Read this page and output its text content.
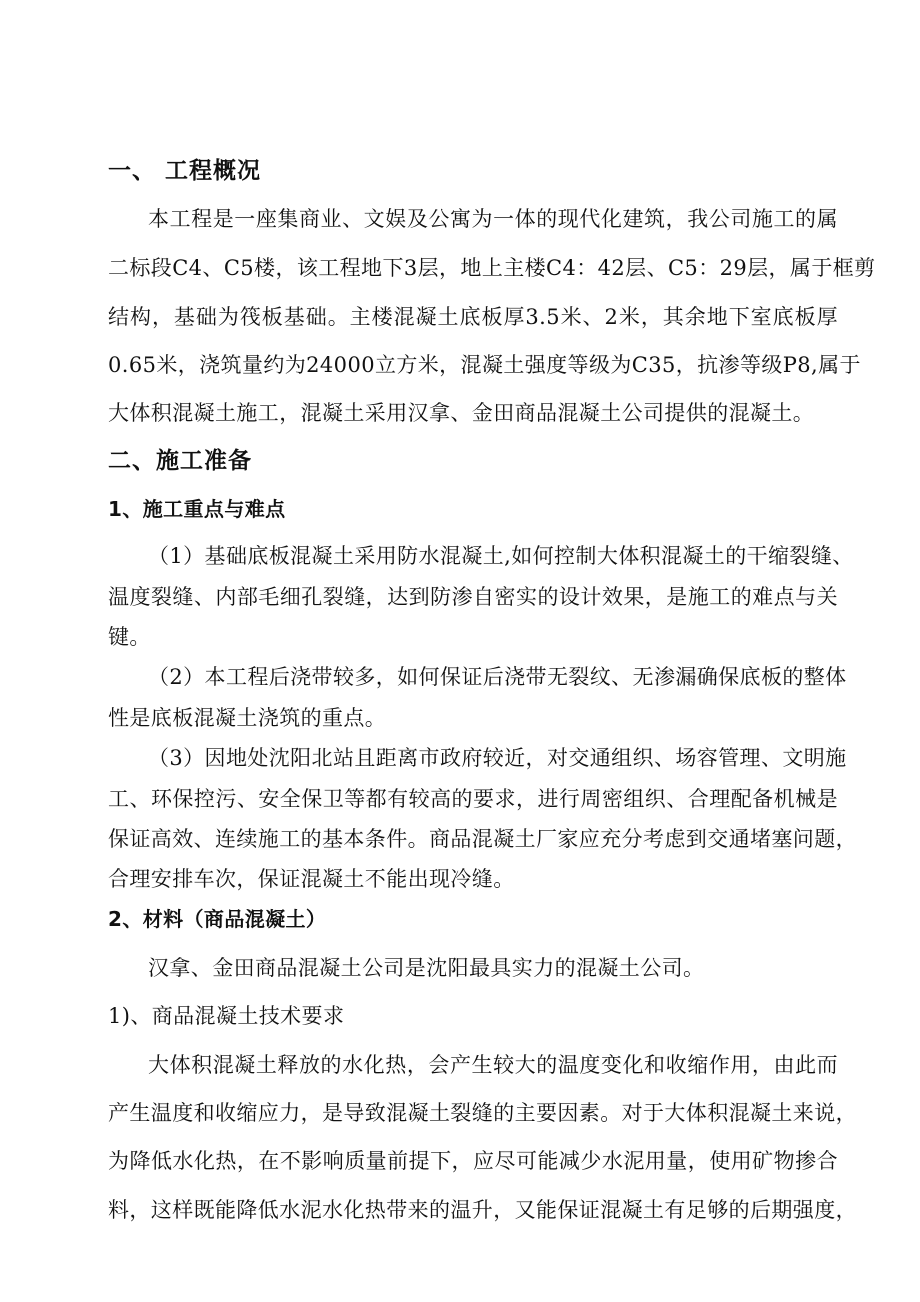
一、 工程概况
本工程是一座集商业、文娱及公寓为一体的现代化建筑，我公司施工的属
二标段C4、C5楼，该工程地下3层，地上主楼C4：42层、C5：29层，属于框剪
结构，基础为筏板基础。主楼混凝土底板厚3.5米、2米，其余地下室底板厚
0.65米，浇筑量约为24000立方米，混凝土强度等级为C35，抗渗等级P8,属于
大体积混凝土施工，混凝土采用汉拿、金田商品混凝土公司提供的混凝土。
二、施工准备
1、施工重点与难点
（1）基础底板混凝土采用防水混凝土,如何控制大体积混凝土的干缩裂缝、
温度裂缝、内部毛细孔裂缝，达到防渗自密实的设计效果，是施工的难点与关
键。
（2）本工程后浇带较多，如何保证后浇带无裂纹、无渗漏确保底板的整体
性是底板混凝土浇筑的重点。
（3）因地处沈阳北站且距离市政府较近，对交通组织、场容管理、文明施
工、环保控污、安全保卫等都有较高的要求，进行周密组织、合理配备机械是
保证高效、连续施工的基本条件。商品混凝土厂家应充分考虑到交通堵塞问题，
合理安排车次，保证混凝土不能出现冷缝。
2、材料（商品混凝土）
汉拿、金田商品混凝土公司是沈阳最具实力的混凝土公司。
1)、商品混凝土技术要求
大体积混凝土释放的水化热，会产生较大的温度变化和收缩作用，由此而
产生温度和收缩应力，是导致混凝土裂缝的主要因素。对于大体积混凝土来说，
为降低水化热，在不影响质量前提下，应尽可能减少水泥用量，使用矿物掺合
料，这样既能降低水泥水化热带来的温升，又能保证混凝土有足够的后期强度，
